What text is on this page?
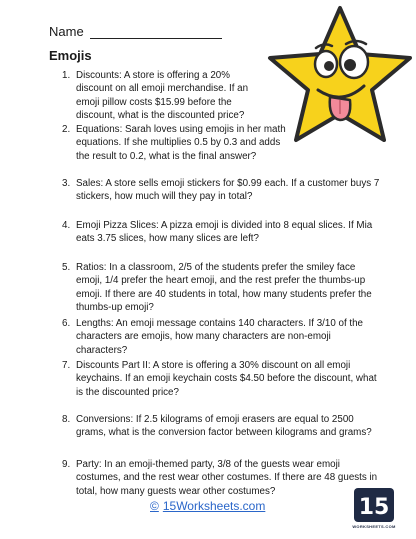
Name
Emojis
1. Discounts: A store is offering a 20% discount on all emoji merchandise. If an emoji pillow costs $15.99 before the discount, what is the discounted price?
2. Equations: Sarah loves using emojis in her math equations. If she multiplies 0.5 by 0.3 and adds the result to 0.2, what is the final answer?
3. Sales: A store sells emoji stickers for $0.99 each. If a customer buys 7 stickers, how much will they pay in total?
4. Emoji Pizza Slices: A pizza emoji is divided into 8 equal slices. If Mia eats 3.75 slices, how many slices are left?
5. Ratios: In a classroom, 2/5 of the students prefer the smiley face emoji, 1/4 prefer the heart emoji, and the rest prefer the thumbs-up emoji. If there are 40 students in total, how many students prefer the thumbs-up emoji?
6. Lengths: An emoji message contains 140 characters. If 3/10 of the characters are emojis, how many characters are non-emoji characters?
7. Discounts Part II: A store is offering a 30% discount on all emoji keychains. If an emoji keychain costs $4.50 before the discount, what is the discounted price?
8. Conversions: If 2.5 kilograms of emoji erasers are equal to 2500 grams, what is the conversion factor between kilograms and grams?
9. Party: In an emoji-themed party, 3/8 of the guests wear emoji costumes, and the rest wear other costumes. If there are 48 guests in total, how many guests wear other costumes?
© 15Worksheets.com	15
WORKSHEETS.COM
